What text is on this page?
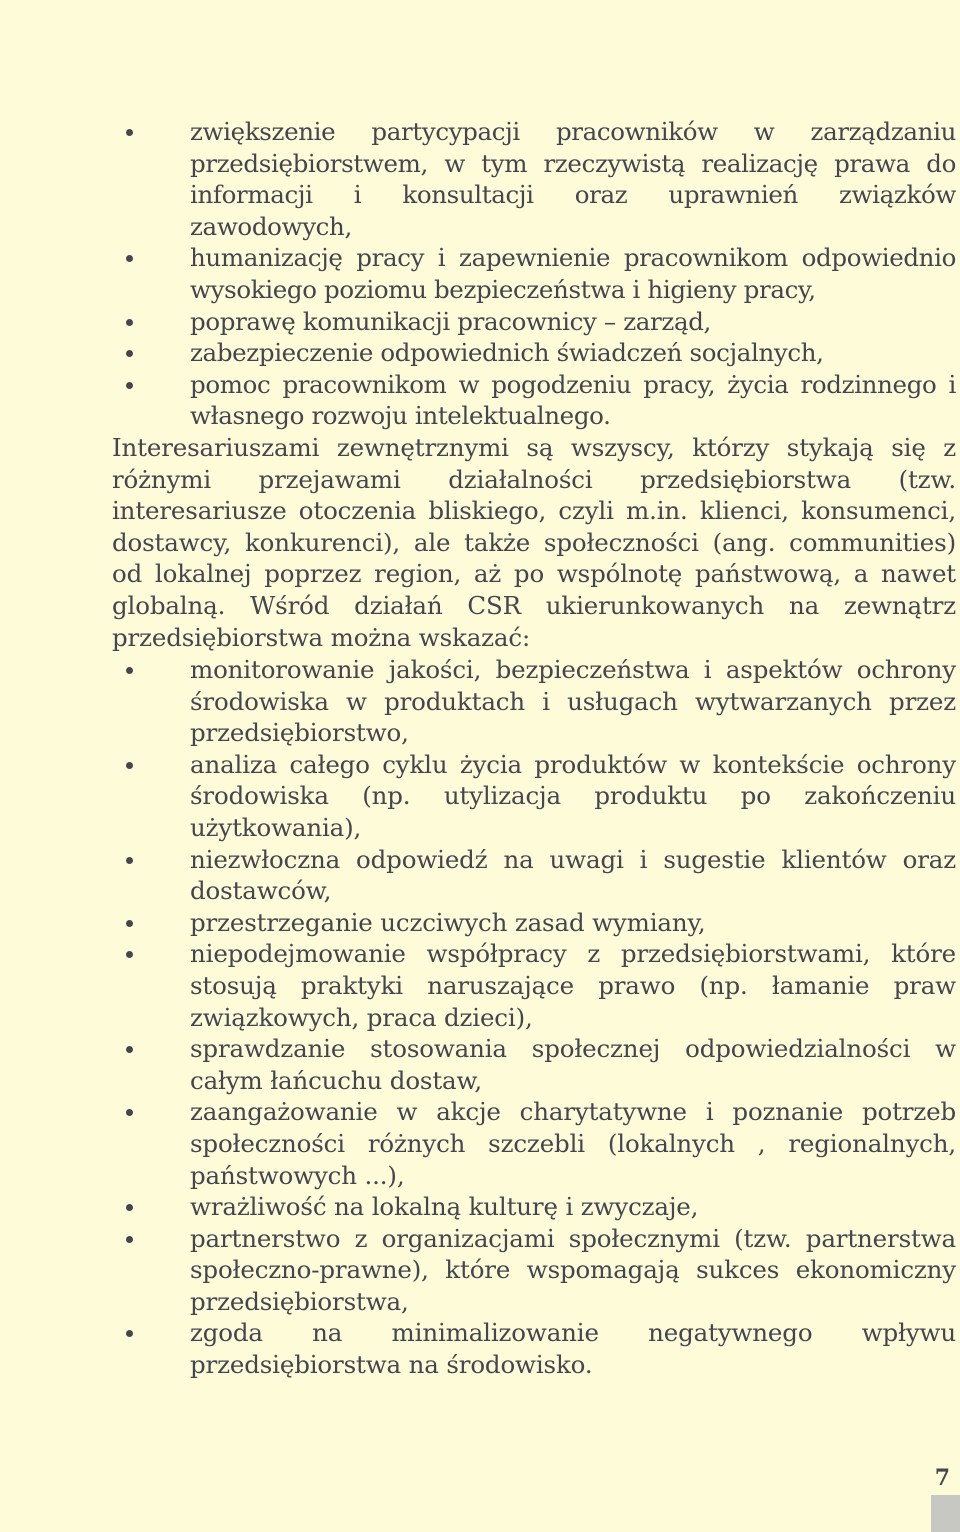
zwiększenie partycypacji pracowników w zarządzaniu przedsiębiorstwem, w tym rzeczywistą realizację prawa do informacji i konsultacji oraz uprawnień związków zawodowych,
humanizację pracy i zapewnienie pracownikom odpowiednio wysokiego poziomu bezpieczeństwa i higieny pracy,
poprawę komunikacji pracownicy – zarząd,
zabezpieczenie odpowiednich świadczeń socjalnych,
pomoc pracownikom w pogodzeniu pracy, życia rodzinnego i własnego rozwoju intelektualnego.

Interesariuszami zewnętrznymi są wszyscy, którzy stykają się z różnymi przejawami działalności przedsiębiorstwa (tzw. interesariusze otoczenia bliskiego, czyli m.in. klienci, konsumenci, dostawcy, konkurenci), ale także społeczności (ang. communities) od lokalnej poprzez region, aż po wspólnotę państwową, a nawet globalną. Wśród działań CSR ukierunkowanych na zewnątrz przedsiębiorstwa można wskazać:

monitorowanie jakości, bezpieczeństwa i aspektów ochrony środowiska w produktach i usługach wytwarzanych przez przedsiębiorstwo,
analiza całego cyklu życia produktów w kontekście ochrony środowiska (np. utylizacja produktu po zakończeniu użytkowania),
niezwłoczna odpowiedź na uwagi i sugestie klientów oraz dostawców,
przestrzeganie uczciwych zasad wymiany,
niepodejmowanie współpracy z przedsiębiorstwami, które stosują praktyki naruszające prawo (np. łamanie praw związkowych, praca dzieci),
sprawdzanie stosowania społecznej odpowiedzialności w całym łańcuchu dostaw,
zaangażowanie w akcje charytatywne i poznanie potrzeb społeczności różnych szczebli (lokalnych , regionalnych, państwowych ...),
wrażliwość na lokalną kulturę i zwyczaje,
partnerstwo z organizacjami społecznymi (tzw. partnerstwa społeczno-prawne), które wspomagają sukces ekonomiczny przedsiębiorstwa,
zgoda na minimalizowanie negatywnego wpływu przedsiębiorstwa na środowisko.
7
